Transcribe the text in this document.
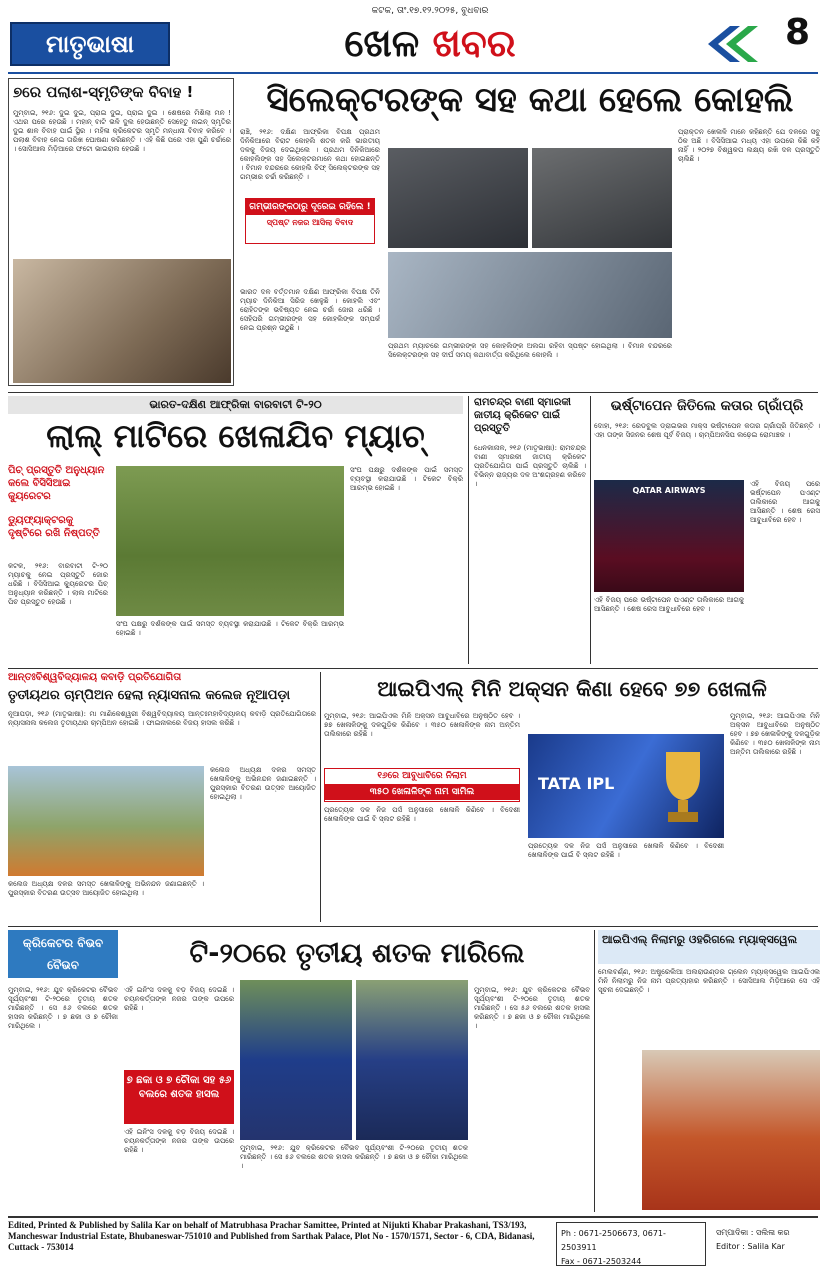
କଟକ, ତାଂ.୧୭.୧୨.୨୦୨୫, ବୁଧବାର
ମାତୃଭାଷା	ଖେଳ ଖବର	8
୭ରେ ପଲାଶ-ସ୍ମୃତିଙ୍କ ବିବାହ !
ମୁମ୍ବାଇ, ୨୧୬: ଦୁଇ ଦୁଇ, ପ୍ରାଇ ଦୁଇ, ପ୍ରାଇ ଦୁଇ । ଶେଷରେ ମିଶିଲା ମନ ! ଏଥର ପରେ ହେଉଛି । ମହାନ୍ ବାଟି ଭଳି ଦୁଲ ହେଉଛନ୍ତି ସେହେତୁ ନାଇନ୍ ସ୍ମୃତିର ଦୁଇ ଶାଳ ବିବାହ ପାଇଁ ସ୍ଥିର । ମହିଳା କ୍ରିକେଟର ସ୍ମୃତି ମନ୍ଧାନା ବିବାହ କରିବେ । ପଲାଶ ବିବାହ ନେଇ ତାରିଖ ଘୋଷଣା କରିଛନ୍ତି । ଏହି କିଛି ପରେ ଏହା ପୁଣି ଚର୍ଚ୍ଚାରେ । ସୋସିଆଲ ମିଡ଼ିଆରେ ଫଟୋ ଭାଇରାଲ ହେଉଛି ।
ସିଲେକ୍ଟରଙ୍କ ସହ କଥା ହେଲେ କୋହଲି
ରାଞ୍ଚି, ୨୧୬: ଦକ୍ଷିଣ ଆଫ୍ରିକା ବିପକ୍ଷ ପ୍ରଥମ ଦିନିକିଆରେ ବିରାଟ କୋହଲି ଶତକ କରି ଭାରତୀୟ ଦଳକୁ ବିଜୟ ଦେଇଥିଲେ । ପ୍ରଥମ ଦିନିକିଆରେ କୋହଲିଙ୍କ ସହ ସିଲେକ୍ଟରମାନେ କଥା ହୋଇଛନ୍ତି । ବିମାନ ବନ୍ଦରରେ କୋହଲି ଚିଫ୍ ସିଲେକ୍ଟରଙ୍କ ସହ ଗମ୍ଭୀର ଚର୍ଚ୍ଚା କରିଛନ୍ତି ।
ଗମ୍ଭୀରଙ୍କଠାରୁ ଦୂରେଇ ରହିଲେ !
ସ୍ପଷ୍ଟ ନଜର ଆସିଲା ବିବାଦ
ଭାରତ ଦଳ ବର୍ତ୍ତମାନ ଦକ୍ଷିଣ ଆଫ୍ରିକା ବିପକ୍ଷ ତିନି ମ୍ୟାଚ ଦିନିକିଆ ସିରିଜ ଖେଳୁଛି । କୋହଲି ଏବଂ ରୋହିତଙ୍କ ଭବିଷ୍ୟତ ନେଇ ଚର୍ଚ୍ଚା ଜୋର ଧରିଛି । ସେହିପରି ଗମ୍ଭୀରଙ୍କ ସହ କୋହଲିଙ୍କ ସମ୍ପର୍କ ନେଇ ପ୍ରଶ୍ନ ଉଠୁଛି ।
ପ୍ରାକ୍ତନ ଖେଳାଳି ମାନେ କହିଛନ୍ତି ଯେ ଦଳରେ ସବୁ ଠିକ ଅଛି । ବିସିସିଆଇ ମଧ୍ୟ ଏହା ଉପରେ କିଛି କହି ନାହିଁ । ୨୦୨୭ ବିଶ୍ୱକପ ଲକ୍ଷ୍ୟ ରଖି ଦଳ ପ୍ରସ୍ତୁତି ଚାଲିଛି ।
ପ୍ରଥମ ମ୍ୟାଚରେ ଗମ୍ଭୀରଙ୍କ ସହ କୋହଲିଙ୍କ ଅଲଗା ରହିବା ସ୍ପଷ୍ଟ ହୋଇଥିଲା । ବିମାନ ବନ୍ଦରରେ ସିଲେକ୍ଟରଙ୍କ ସହ ଦୀର୍ଘ ସମୟ କଥାବାର୍ତ୍ତା କରିଥିଲେ କୋହଲି ।
ଭାରତ-ଦକ୍ଷିଣ ଆଫ୍ରିକା ବାରବାଟୀ ଟି-୨୦
ଲାଲ୍ ମାଟିରେ ଖେଳାଯିବ ମ୍ୟାଚ୍
ପିଚ୍ ପ୍ରସ୍ତୁତି ଅନୁଧ୍ୟାନ କଲେ ବିସିସିଆଇ କ୍ୟୁରେଟର
ଡ୍ୟୁଫ୍ୟାକ୍ଟରକୁ ଦୃଷ୍ଟିରେ ରଖି ନିଷ୍ପତ୍ତି
କଟକ, ୨୧୬: ବାରବାଟୀ ଟି-୨୦ ମ୍ୟାଚକୁ ନେଇ ପ୍ରସ୍ତୁତି ଜୋର ଧରିଛି । ବିସିସିଆଇ କ୍ୟୁରେଟର ପିଚ୍ ଅନୁଧ୍ୟାନ କରିଛନ୍ତି । ଲାଲ ମାଟିରେ ପିଚ ପ୍ରସ୍ତୁତ ହେଉଛି ।
ସଂଘ ପକ୍ଷରୁ ଦର୍ଶକଙ୍କ ପାଇଁ ସମସ୍ତ ବ୍ୟବସ୍ଥା କରାଯାଉଛି । ଟିକେଟ ବିକ୍ରି ଆରମ୍ଭ ହୋଇଛି ।
ସଂଘ ପକ୍ଷରୁ ଦର୍ଶକଙ୍କ ପାଇଁ ସମସ୍ତ ବ୍ୟବସ୍ଥା କରାଯାଉଛି । ଟିକେଟ ବିକ୍ରି ଆରମ୍ଭ ହୋଇଛି ।
ରାମଚନ୍ଦ୍ର ବାଣୀ ସ୍ମାରକୀ ଜାତୀୟ କ୍ରିକେଟ ପାଇଁ ପ୍ରସ୍ତୁତି
ଧେନକାନାଳ, ୨୧୬ (ମାତୃଭାଷା): ରାମଚନ୍ଦ୍ର ବାଣୀ ସ୍ମାରକୀ ଜାତୀୟ କ୍ରିକେଟ ପ୍ରତିଯୋଗିତା ପାଇଁ ପ୍ରସ୍ତୁତି ଚାଲିଛି । ବିଭିନ୍ନ ରାଜ୍ୟର ଦଳ ଅଂଶଗ୍ରହଣ କରିବେ ।
ଭର୍ଷ୍ଟାପେନ ଜିତିଲେ କତାର ଗ୍ରାଁପ୍ରି
QATAR AIRWAYS
ଦୋହା, ୨୧୬: ରେଡବୁଲ ଡ୍ରାଇଭର ମାକ୍ସ ଭର୍ଷ୍ଟାପେନ କତାର ଗ୍ରାଁପ୍ରି ଜିତିଛନ୍ତି । ଏହା ତାଙ୍କ ସିଜନର ଶେଷ ପୂର୍ବ ବିଜୟ । ଚାମ୍ପିଅନସିପ ଲଢ଼େଇ ରୋମାଞ୍ଚକ ।
ଏହି ବିଜୟ ପରେ ଭର୍ଷ୍ଟାପେନ ପଏଣ୍ଟ ତାଲିକାରେ ଆଗକୁ ଆସିଛନ୍ତି । ଶେଷ ରେସ ଆବୁଧାବିରେ ହେବ ।
ଏହି ବିଜୟ ପରେ ଭର୍ଷ୍ଟାପେନ ପଏଣ୍ଟ ତାଲିକାରେ ଆଗକୁ ଆସିଛନ୍ତି । ଶେଷ ରେସ ଆବୁଧାବିରେ ହେବ ।
ଆନ୍ତଃବିଶ୍ୱବିଦ୍ୟାଳୟ କବାଡ଼ି ପ୍ରତିଯୋଗିତା
ତୃତୀୟଥର ଚାମ୍ପିଅନ ହେଲା ନ୍ୟାସନାଲ କଲେଜ ନୂଆପଡ଼ା
ନୂଆପଡ଼ା, ୨୧୬ (ମାତୃଭାଷା): ମା ମାଣିକେଶ୍ୱରୀ ବିଶ୍ୱବିଦ୍ୟାଳୟ ଆନ୍ତଃମହାବିଦ୍ୟାଳୟ କବାଡ଼ି ପ୍ରତିଯୋଗିତାରେ ନ୍ୟାସନାଲ କଲେଜ ତୃତୀୟଥର ଚାମ୍ପିଅନ ହୋଇଛି । ଫାଇନାଲରେ ବିଜୟ ହାସଲ କରିଛି ।
କଲେଜ ଅଧ୍ୟକ୍ଷ ଦଳର ସମସ୍ତ ଖେଳାଳିଙ୍କୁ ଅଭିନନ୍ଦନ ଜଣାଇଛନ୍ତି । ପୁରସ୍କାର ବିତରଣ ଉତ୍ସବ ଆୟୋଜିତ ହୋଇଥିଲା ।
କଲେଜ ଅଧ୍ୟକ୍ଷ ଦଳର ସମସ୍ତ ଖେଳାଳିଙ୍କୁ ଅଭିନନ୍ଦନ ଜଣାଇଛନ୍ତି । ପୁରସ୍କାର ବିତରଣ ଉତ୍ସବ ଆୟୋଜିତ ହୋଇଥିଲା ।
ଆଇପିଏଲ୍ ମିନି ଅକ୍ସନ କିଣା ହେବେ ୭୭ ଖେଳାଳି
ମୁମ୍ବାଇ, ୨୧୬: ଆଇପିଏଲ ମିନି ଅକ୍ସନ ଆବୁଧାବିରେ ଅନୁଷ୍ଠିତ ହେବ । ୭୭ ଖେଳାଳିଙ୍କୁ ଦଳଗୁଡ଼ିକ କିଣିବେ । ୩୫୦ ଖେଳାଳିଙ୍କ ନାମ ଅନ୍ତିମ ତାଲିକାରେ ରହିଛି ।
୧୬ରେ ଆବୁଧାବିରେ ନିଲାମ
୩୫୦ ଖେଳାଳିଙ୍କ ନାମ ସାମିଲ
ପ୍ରତ୍ୟେକ ଦଳ ନିଜ ପର୍ସ ଅନୁସାରେ ଖେଳାଳି କିଣିବେ । ବିଦେଶୀ ଖେଳାଳିଙ୍କ ପାଇଁ ବି ସ୍ଲଟ ରହିଛି ।
TATA IPL
ପ୍ରତ୍ୟେକ ଦଳ ନିଜ ପର୍ସ ଅନୁସାରେ ଖେଳାଳି କିଣିବେ । ବିଦେଶୀ ଖେଳାଳିଙ୍କ ପାଇଁ ବି ସ୍ଲଟ ରହିଛି ।
ମୁମ୍ବାଇ, ୨୧୬: ଆଇପିଏଲ ମିନି ଅକ୍ସନ ଆବୁଧାବିରେ ଅନୁଷ୍ଠିତ ହେବ । ୭୭ ଖେଳାଳିଙ୍କୁ ଦଳଗୁଡ଼ିକ କିଣିବେ । ୩୫୦ ଖେଳାଳିଙ୍କ ନାମ ଅନ୍ତିମ ତାଲିକାରେ ରହିଛି ।
କ୍ରିକେଟର ବିଭବ ବୈଭବ	ଟି-୨୦ରେ ତୃତୀୟ ଶତକ ମାରିଲେ
ମୁମ୍ବାଇ, ୨୧୬: ଯୁବ କ୍ରିକେଟର ବୈଭବ ସୂର୍ଯ୍ୟବଂଶୀ ଟି-୨୦ରେ ତୃତୀୟ ଶତକ ମାରିଛନ୍ତି । ସେ ୫୬ ବଲରେ ଶତକ ହାସଲ କରିଛନ୍ତି । ୭ ଛକା ଓ ୭ ଚୌକା ମାରିଥିଲେ ।
ଏହି ଇନିଂସ ଦଳକୁ ବଡ଼ ବିଜୟ ଦେଇଛି । ଚୟନକର୍ତ୍ତାଙ୍କ ନଜର ତାଙ୍କ ଉପରେ ରହିଛି ।
୭ ଛକା ଓ ୭ ଚୌକା ସହ ୫୬ ବଲରେ ଶତକ ହାସଲ
ଏହି ଇନିଂସ ଦଳକୁ ବଡ଼ ବିଜୟ ଦେଇଛି । ଚୟନକର୍ତ୍ତାଙ୍କ ନଜର ତାଙ୍କ ଉପରେ ରହିଛି ।	ମୁମ୍ବାଇ, ୨୧୬: ଯୁବ କ୍ରିକେଟର ବୈଭବ ସୂର୍ଯ୍ୟବଂଶୀ ଟି-୨୦ରେ ତୃତୀୟ ଶତକ ମାରିଛନ୍ତି । ସେ ୫୬ ବଲରେ ଶତକ ହାସଲ କରିଛନ୍ତି । ୭ ଛକା ଓ ୭ ଚୌକା ମାରିଥିଲେ ।
ମୁମ୍ବାଇ, ୨୧୬: ଯୁବ କ୍ରିକେଟର ବୈଭବ ସୂର୍ଯ୍ୟବଂଶୀ ଟି-୨୦ରେ ତୃତୀୟ ଶତକ ମାରିଛନ୍ତି । ସେ ୫୬ ବଲରେ ଶତକ ହାସଲ କରିଛନ୍ତି । ୭ ଛକା ଓ ୭ ଚୌକା ମାରିଥିଲେ ।
ଆଇପିଏଲ୍ ନିଲାମରୁ ଓହରିଗଲେ ମ୍ୟାକ୍ସୱେଲ
ମେଲବର୍ଣ୍ଣ, ୨୧୬: ଅଷ୍ଟ୍ରେଲିଆ ଅଲରାଉଣ୍ଡର ଗ୍ଲେନ ମ୍ୟାକ୍ସୱେଲ ଆଇପିଏଲ ମିନି ନିଲାମରୁ ନିଜ ନାମ ପ୍ରତ୍ୟାହାର କରିଛନ୍ତି । ସୋସିଆଲ ମିଡ଼ିଆରେ ସେ ଏହି ସୂଚନା ଦେଇଛନ୍ତି ।
Edited, Printed & Published by Salila Kar on behalf of Matrubhasa Prachar Samittee, Printed at Nijukti Khabar Prakashani, TS3/193, Mancheswar Industrial Estate, Bhubaneswar-751010 and Published from Sarthak Palace, Plot No - 1570/1571, Sector - 6, CDA, Bidanasi, Cuttack - 753014
Ph : 0671-2506673, 0671-2503911
Fax - 0671-2503244
ସମ୍ପାଦିକା : ସଲିଳା କର
Editor : Salila Kar
